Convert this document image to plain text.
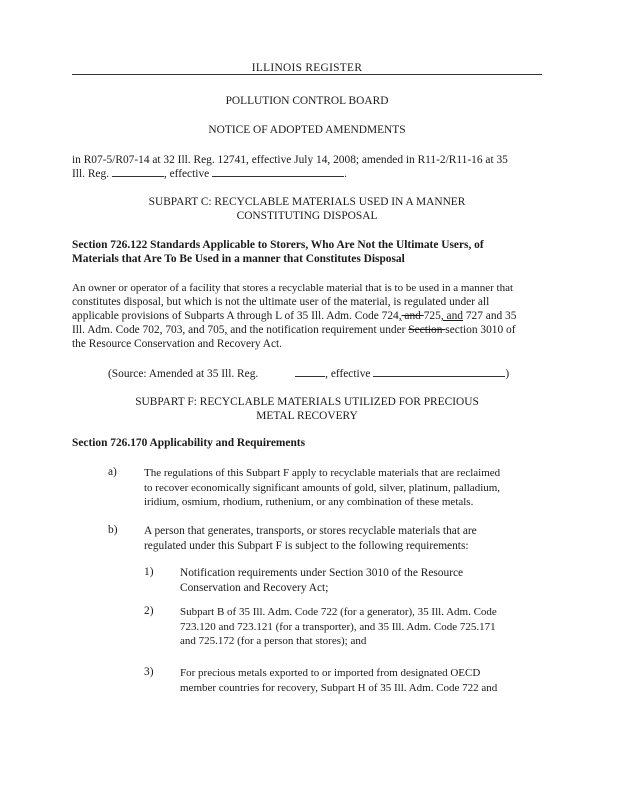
ILLINOIS REGISTER
POLLUTION CONTROL BOARD
NOTICE OF ADOPTED AMENDMENTS
in R07-5/R07-14 at 32 Ill. Reg. 12741, effective July 14, 2008; amended in R11-2/R11-16 at 35
Ill. Reg.	, effective	.
SUBPART C: RECYCLABLE MATERIALS USED IN A MANNER
CONSTITUTING DISPOSAL
Section 726.122 Standards Applicable to Storers, Who Are Not the Ultimate Users, of
Materials that Are To Be Used in a manner that Constitutes Disposal
An owner or operator of a facility that stores a recyclable material that is to be used in a manner that
constitutes disposal, but which is not the ultimate user of the material, is regulated under all
applicable provisions of Subparts A through L of 35 Ill. Adm. Code 724, and 725, and 727 and 35
Ill. Adm. Code 702, 703, and 705, and the notification requirement under Section section 3010 of
the Resource Conservation and Recovery Act.
(Source: Amended at 35 Ill. Reg.	, effective	)
SUBPART F: RECYCLABLE MATERIALS UTILIZED FOR PRECIOUS
METAL RECOVERY
Section 726.170 Applicability and Requirements
a) The regulations of this Subpart F apply to recyclable materials that are reclaimed
to recover economically significant amounts of gold, silver, platinum, palladium,
iridium, osmium, rhodium, ruthenium, or any combination of these metals.
b) A person that generates, transports, or stores recyclable materials that are
regulated under this Subpart F is subject to the following requirements:
1) Notification requirements under Section 3010 of the Resource
Conservation and Recovery Act;
2) Subpart B of 35 Ill. Adm. Code 722 (for a generator), 35 Ill. Adm. Code
723.120 and 723.121 (for a transporter), and 35 Ill. Adm. Code 725.171
and 725.172 (for a person that stores); and
3) For precious metals exported to or imported from designated OECD
member countries for recovery, Subpart H of 35 Ill. Adm. Code 722 and
